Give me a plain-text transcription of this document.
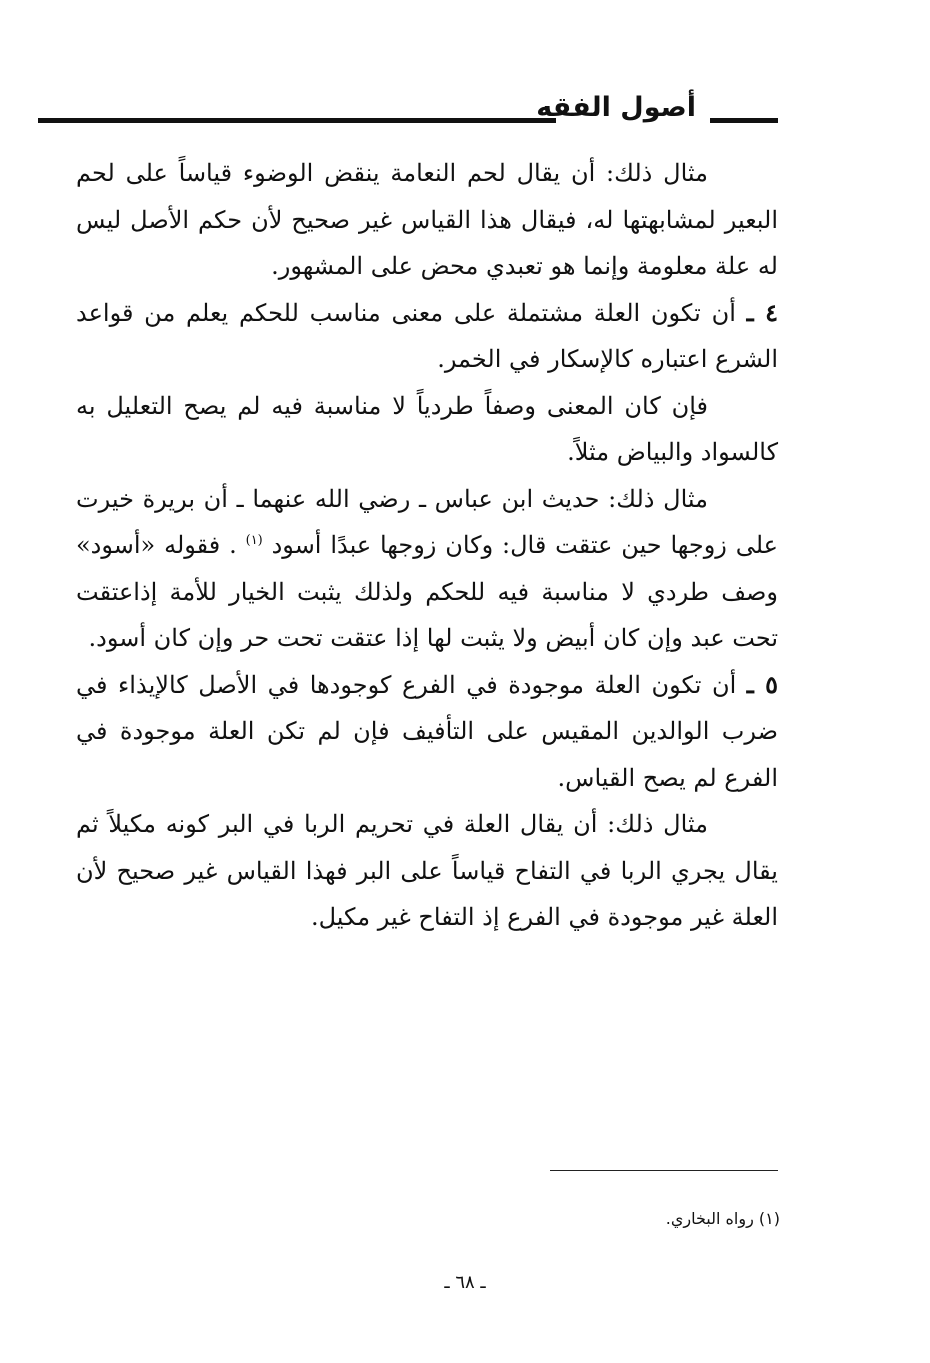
أصول الفقه

مثال ذلك: أن يقال لحم النعامة ينقض الوضوء قياساً على لحم البعير لمشابهتها له، فيقال هذا القياس غير صحيح لأن حكم الأصل ليس له علة معلومة وإنما هو تعبدي محض على المشهور.

٤ ـ أن تكون العلة مشتملة على معنى مناسب للحكم يعلم من قواعد الشرع اعتباره كالإسكار في الخمر.

فإن كان المعنى وصفاً طردياً لا مناسبة فيه لم يصح التعليل به كالسواد والبياض مثلاً.

مثال ذلك: حديث ابن عباس ـ رضي الله عنهما ـ أن بريرة خيرت على زوجها حين عتقت قال: وكان زوجها عبدًا أسود $^{(١)}$ . فقوله «أسود» وصف طردي لا مناسبة فيه للحكم ولذلك يثبت الخيار للأمة إذاعتقت تحت عبد وإن كان أبيض ولا يثبت لها إذا عتقت تحت حر وإن كان أسود.

٥ ـ أن تكون العلة موجودة في الفرع كوجودها في الأصل كالإيذاء في ضرب الوالدين المقيس على التأفيف فإن لم تكن العلة موجودة في الفرع لم يصح القياس.

مثال ذلك: أن يقال العلة في تحريم الربا في البر كونه مكيلاً ثم يقال يجري الربا في التفاح قياساً على البر فهذا القياس غير صحيح لأن العلة غير موجودة في الفرع إذ التفاح غير مكيل.

(١) رواه البخاري.
ـ ٦٨ ـ
